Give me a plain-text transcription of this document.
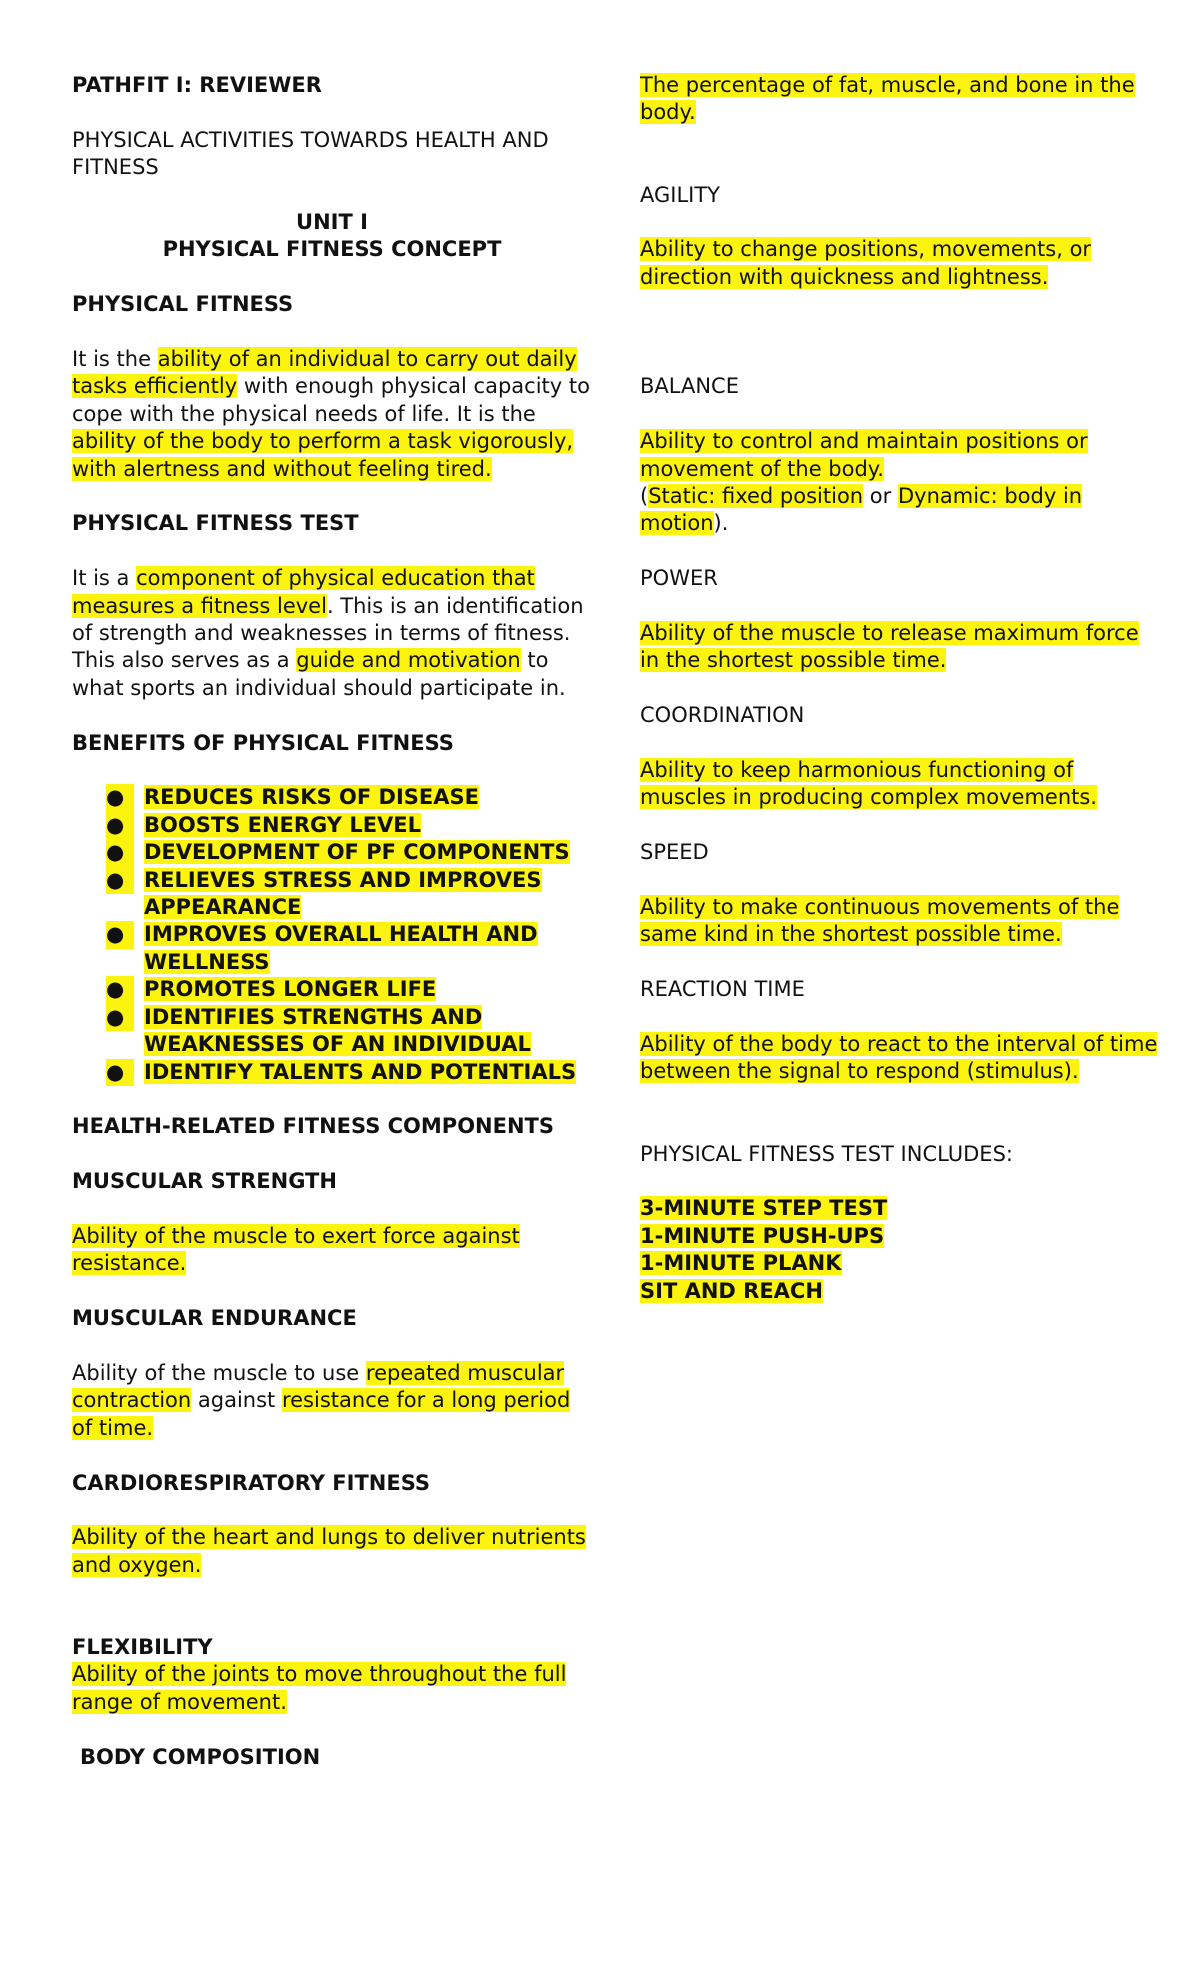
PATHFIT I: REVIEWER

PHYSICAL ACTIVITIES TOWARDS HEALTH AND FITNESS

UNIT I

PHYSICAL FITNESS CONCEPT

PHYSICAL FITNESS

It is the ability of an individual to carry out daily tasks efficiently with enough physical capacity to cope with the physical needs of life. It is the ability of the body to perform a task vigorously, with alertness and without feeling tired.

PHYSICAL FITNESS TEST

It is a component of physical education that measures a fitness level. This is an identification of strength and weaknesses in terms of fitness. This also serves as a guide and motivation to what sports an individual should participate in.

BENEFITS OF PHYSICAL FITNESS

● REDUCES RISKS OF DISEASE
● BOOSTS ENERGY LEVEL
● DEVELOPMENT OF PF COMPONENTS
● RELIEVES STRESS AND IMPROVES APPEARANCE
● IMPROVES OVERALL HEALTH AND WELLNESS
● PROMOTES LONGER LIFE
● IDENTIFIES STRENGTHS AND WEAKNESSES OF AN INDIVIDUAL
● IDENTIFY TALENTS AND POTENTIALS

HEALTH-RELATED FITNESS COMPONENTS

MUSCULAR STRENGTH

Ability of the muscle to exert force against resistance.

MUSCULAR ENDURANCE

Ability of the muscle to use repeated muscular contraction against resistance for a long period of time.

CARDIORESPIRATORY FITNESS

Ability of the heart and lungs to deliver nutrients and oxygen.

FLEXIBILITY

Ability of the joints to move throughout the full range of movement.

BODY COMPOSITION

The percentage of fat, muscle, and bone in the body.

AGILITY

Ability to change positions, movements, or direction with quickness and lightness.

BALANCE

Ability to control and maintain positions or movement of the body.

(Static: fixed position or Dynamic: body in motion).

POWER

Ability of the muscle to release maximum force in the shortest possible time.

COORDINATION

Ability to keep harmonious functioning of muscles in producing complex movements.

SPEED

Ability to make continuous movements of the same kind in the shortest possible time.

REACTION TIME

Ability of the body to react to the interval of time between the signal to respond (stimulus).

PHYSICAL FITNESS TEST INCLUDES:

3-MINUTE STEP TEST

1-MINUTE PUSH-UPS

1-MINUTE PLANK

SIT AND REACH
